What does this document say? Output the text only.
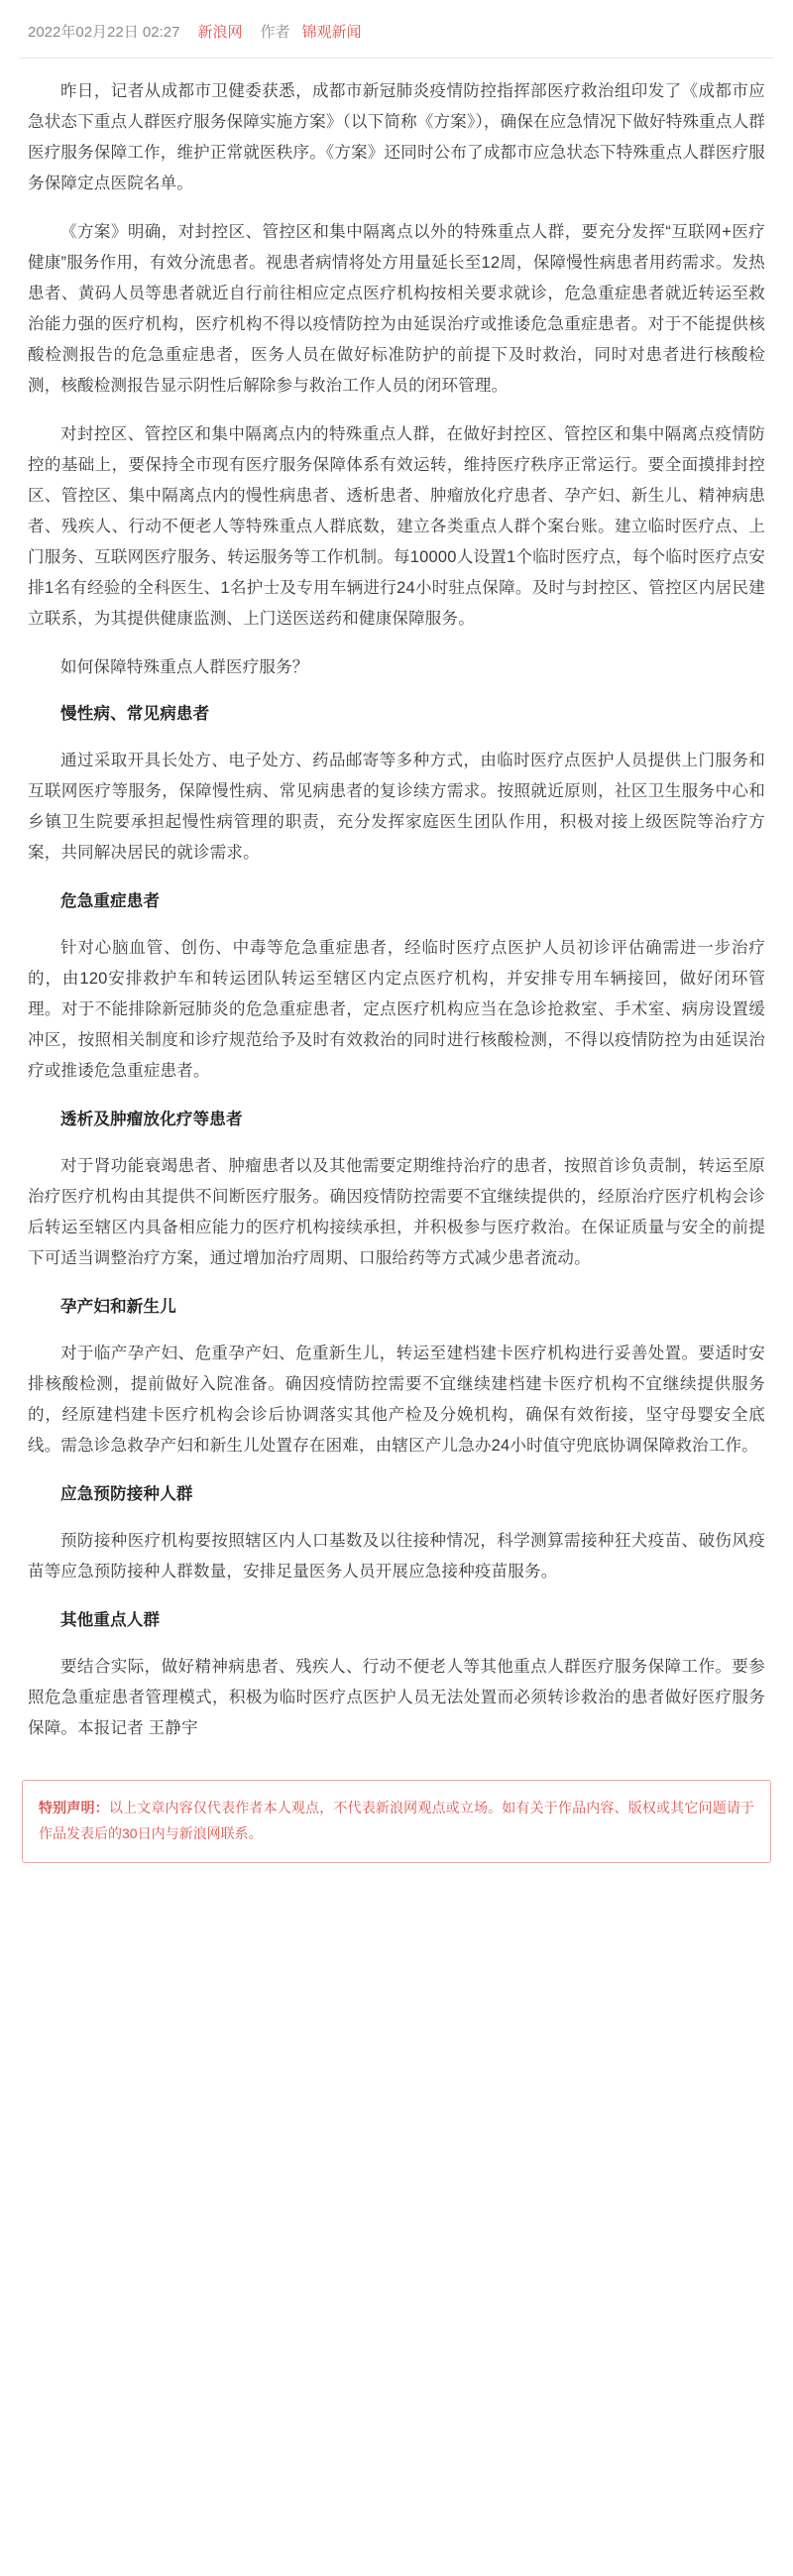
2022年02月22日 02:27 新浪网 作者 锦观新闻

昨日，记者从成都市卫健委获悉，成都市新冠肺炎疫情防控指挥部医疗救治组印发了《成都市应急状态下重点人群医疗服务保障实施方案》（以下简称《方案》），确保在应急情况下做好特殊重点人群医疗服务保障工作，维护正常就医秩序。《方案》还同时公布了成都市应急状态下特殊重点人群医疗服务保障定点医院名单。

《方案》明确，对封控区、管控区和集中隔离点以外的特殊重点人群，要充分发挥“互联网+医疗健康”服务作用，有效分流患者。视患者病情将处方用量延长至12周，保障慢性病患者用药需求。发热患者、黄码人员等患者就近自行前往相应定点医疗机构按相关要求就诊，危急重症患者就近转运至救治能力强的医疗机构，医疗机构不得以疫情防控为由延误治疗或推诿危急重症患者。对于不能提供核酸检测报告的危急重症患者，医务人员在做好标准防护的前提下及时救治，同时对患者进行核酸检测，核酸检测报告显示阴性后解除参与救治工作人员的闭环管理。

对封控区、管控区和集中隔离点内的特殊重点人群，在做好封控区、管控区和集中隔离点疫情防控的基础上，要保持全市现有医疗服务保障体系有效运转，维持医疗秩序正常运行。要全面摸排封控区、管控区、集中隔离点内的慢性病患者、透析患者、肿瘤放化疗患者、孕产妇、新生儿、精神病患者、残疾人、行动不便老人等特殊重点人群底数，建立各类重点人群个案台账。建立临时医疗点、上门服务、互联网医疗服务、转运服务等工作机制。每10000人设置1个临时医疗点，每个临时医疗点安排1名有经验的全科医生、1名护士及专用车辆进行24小时驻点保障。及时与封控区、管控区内居民建立联系，为其提供健康监测、上门送医送药和健康保障服务。

如何保障特殊重点人群医疗服务？

慢性病、常见病患者

通过采取开具长处方、电子处方、药品邮寄等多种方式，由临时医疗点医护人员提供上门服务和互联网医疗等服务，保障慢性病、常见病患者的复诊续方需求。按照就近原则，社区卫生服务中心和乡镇卫生院要承担起慢性病管理的职责，充分发挥家庭医生团队作用，积极对接上级医院等治疗方案，共同解决居民的就诊需求。

危急重症患者

针对心脑血管、创伤、中毒等危急重症患者，经临时医疗点医护人员初诊评估确需进一步治疗的，由120安排救护车和转运团队转运至辖区内定点医疗机构，并安排专用车辆接回，做好闭环管理。对于不能排除新冠肺炎的危急重症患者，定点医疗机构应当在急诊抢救室、手术室、病房设置缓冲区，按照相关制度和诊疗规范给予及时有效救治的同时进行核酸检测，不得以疫情防控为由延误治疗或推诿危急重症患者。

透析及肿瘤放化疗等患者

对于肾功能衰竭患者、肿瘤患者以及其他需要定期维持治疗的患者，按照首诊负责制，转运至原治疗医疗机构由其提供不间断医疗服务。确因疫情防控需要不宜继续提供的，经原治疗医疗机构会诊后转运至辖区内具备相应能力的医疗机构接续承担，并积极参与医疗救治。在保证质量与安全的前提下可适当调整治疗方案，通过增加治疗周期、口服给药等方式减少患者流动。

孕产妇和新生儿

对于临产孕产妇、危重孕产妇、危重新生儿，转运至建档建卡医疗机构进行妥善处置。要适时安排核酸检测，提前做好入院准备。确因疫情防控需要不宜继续建档建卡医疗机构不宜继续提供服务的，经原建档建卡医疗机构会诊后协调落实其他产检及分娩机构，确保有效衔接，坚守母婴安全底线。需急诊急救孕产妇和新生儿处置存在困难，由辖区产儿急办24小时值守兜底协调保障救治工作。

应急预防接种人群

预防接种医疗机构要按照辖区内人口基数及以往接种情况，科学测算需接种狂犬疫苗、破伤风疫苗等应急预防接种人群数量，安排足量医务人员开展应急接种疫苗服务。

其他重点人群

要结合实际，做好精神病患者、残疾人、行动不便老人等其他重点人群医疗服务保障工作。要参照危急重症患者管理模式，积极为临时医疗点医护人员无法处置而必须转诊救治的患者做好医疗服务保障。本报记者 王静宇

特别声明：以上文章内容仅代表作者本人观点，不代表新浪网观点或立场。如有关于作品内容、版权或其它问题请于作品发表后的30日内与新浪网联系。
